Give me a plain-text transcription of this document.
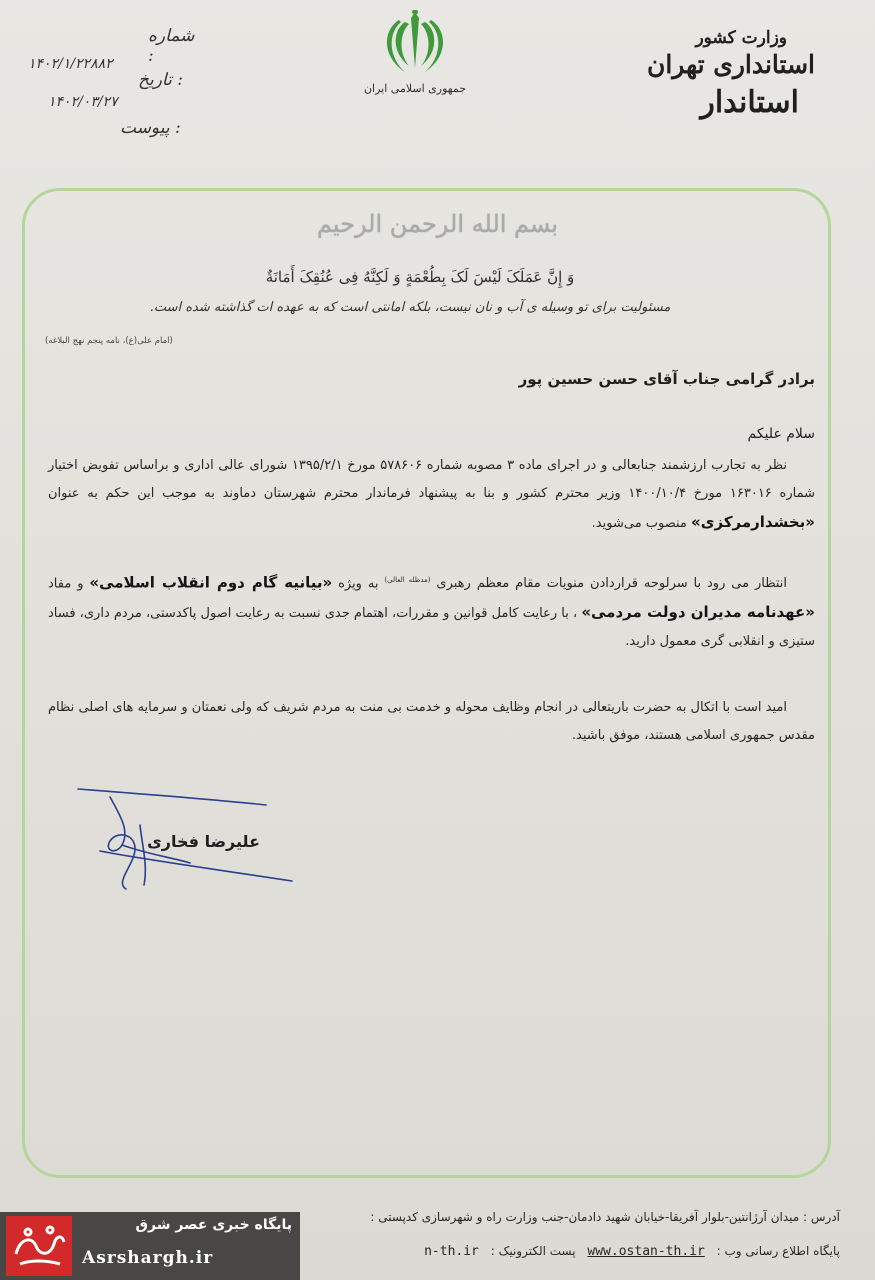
وزارت کشور
استانداری تهران
استاندار
جمهوری اسلامی ایران
شماره :
۱۴۰۲/۱/۲۲۸۸۲
تاریخ :
۱۴۰۲/۰۳/۲۷
پیوست :
بسم الله الرحمن الرحیم
وَ إِنَّ عَمَلَکَ لَیْسَ لَکَ بِطُعْمَةٍ وَ لَکِنَّهُ فِی عُنُقِکَ أَمَانَةٌ
مسئولیت برای تو وسیله ی آب و نان نیست، بلکه امانتی است که به عهده ات گذاشته شده است.
(امام علی(ع)، نامه پنجم نهج البلاغه)
برادر گرامی جناب آقای حسن حسین پور
سلام علیکم
نظر به تجارب ارزشمند جنابعالی و در اجرای ماده ۳ مصوبه شماره ۵۷۸۶۰۶ مورخ ۱۳۹۵/۲/۱ شورای عالی اداری و براساس تفویض اختیار شماره ۱۶۳۰۱۶ مورخ ۱۴۰۰/۱۰/۴ وزیر محترم کشور و بنا به پیشنهاد فرماندار محترم شهرستان دماوند به موجب این حکم به عنوان «بخشدارمرکزی» منصوب می‌شوید.
انتظار می رود با سرلوحه قراردادن منویات مقام معظم رهبری $^{(مدظله العالی)}$ به ویژه «بیانیه گام دوم انقلاب اسلامی» و مفاد «عهدنامه مدیران دولت مردمی» ، با رعایت کامل قوانین و مقررات، اهتمام جدی نسبت به رعایت اصول پاکدستی، مردم داری، فساد ستیزی و انقلابی گری معمول دارید.
امید است با اتکال به حضرت باریتعالی در انجام وظایف محوله و خدمت بی منت به مردم شریف که ولی نعمتان و سرمایه های اصلی نظام مقدس جمهوری اسلامی هستند، موفق باشید.
علیرضا فخاری
آدرس : میدان آرژانتین-بلوار آفریقا-خیابان شهید دادمان-جنب وزارت راه و شهرسازی کدپستی :
پایگاه اطلاع رسانی وب : www.ostan-th.ir پست الکترونیک : n-th.ir
پایگاه خبری عصر شرق
Asrshargh.ir
